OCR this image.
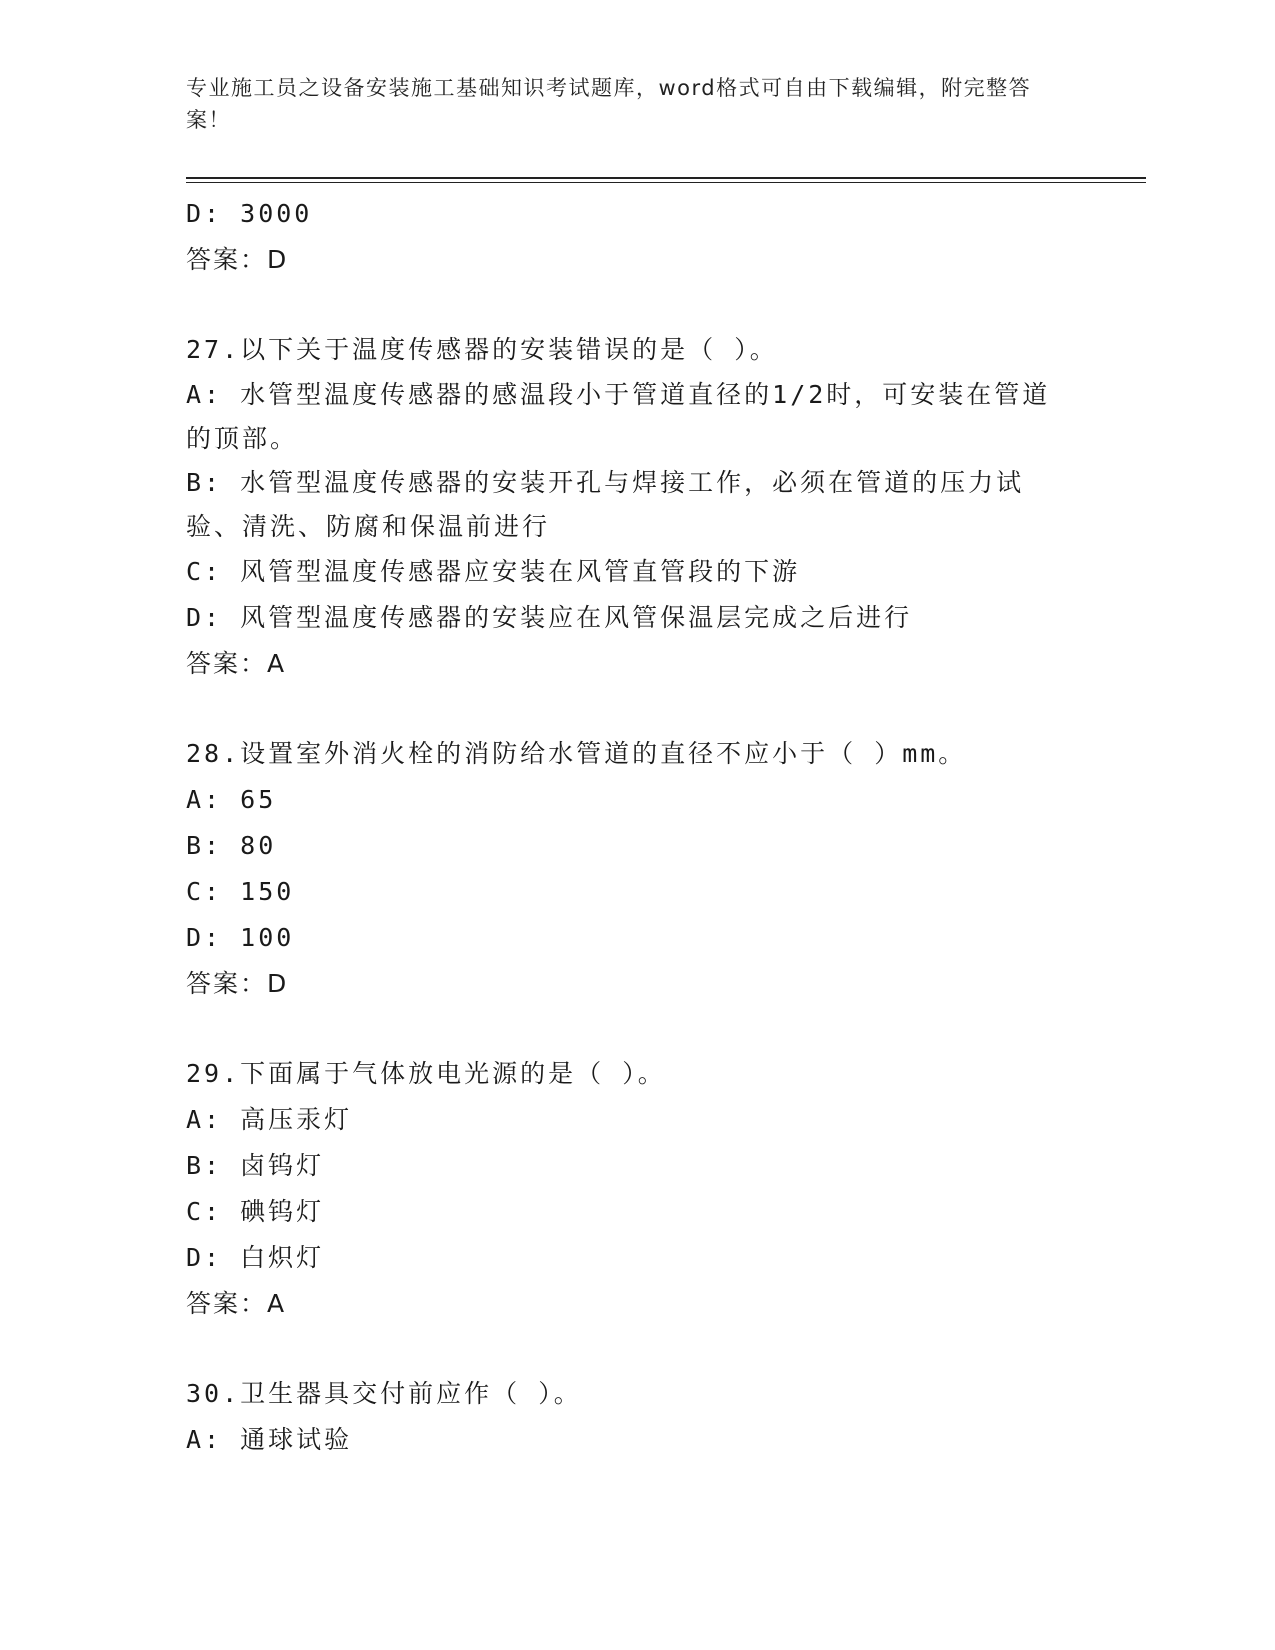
专业施工员之设备安装施工基础知识考试题库，word格式可自由下载编辑，附完整答案！
D: 3000
答案：D
27.以下关于温度传感器的安装错误的是（ ）。
A: 水管型温度传感器的感温段小于管道直径的1/2时，可安装在管道的顶部。
B: 水管型温度传感器的安装开孔与焊接工作，必须在管道的压力试验、清洗、防腐和保温前进行
C: 风管型温度传感器应安装在风管直管段的下游
D: 风管型温度传感器的安装应在风管保温层完成之后进行
答案：A
28.设置室外消火栓的消防给水管道的直径不应小于（ ）mm。
A: 65
B: 80
C: 150
D: 100
答案：D
29.下面属于气体放电光源的是（ ）。
A: 高压汞灯
B: 卤钨灯
C: 碘钨灯
D: 白炽灯
答案：A
30.卫生器具交付前应作（ ）。
A: 通球试验
